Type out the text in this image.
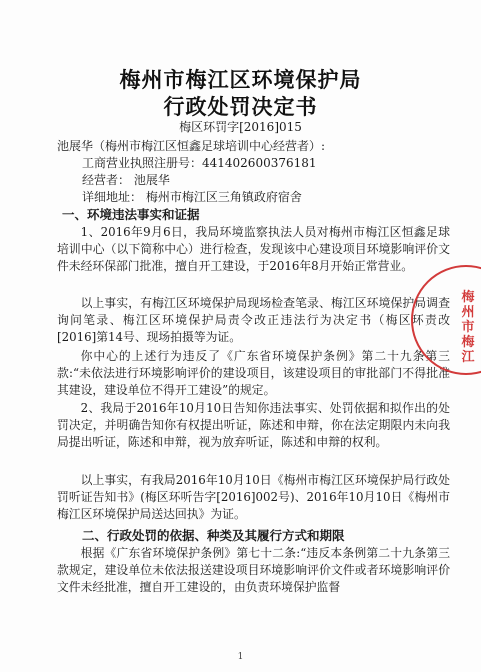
梅州市梅江区环境保护局
行政处罚决定书
梅区环罚字[2016]015
池展华（梅州市梅江区恒鑫足球培训中心经营者）:
工商营业执照注册号：441402600376181
经营者： 池展华
详细地址： 梅州市梅江区三角镇政府宿舍
一、环境违法事实和证据
1、2016年9月6日，我局环境监察执法人员对梅州市梅江区恒鑫足球培训中心（以下简称中心）进行检查，发现该中心建设项目环境影响评价文件未经环保部门批准，擅自开工建设，于2016年8月开始正常营业。
以上事实，有梅江区环境保护局现场检查笔录、梅江区环境保护局调查询问笔录、梅江区环境保护局责令改正违法行为决定书（梅区环责改[2016]第14号、现场拍摄等为证。
你中心的上述行为违反了《广东省环境保护条例》第二十九条第三款:“未依法进行环境影响评价的建设项目，该建设项目的审批部门不得批准其建设，建设单位不得开工建设”的规定。
2、我局于2016年10月10日告知你违法事实、处罚依据和拟作出的处罚决定，并明确告知你有权提出听证，陈述和申辩，你在法定期限内未向我局提出听证，陈述和申辩，视为放弃听证，陈述和申辩的权利。
以上事实，有我局2016年10月10日《梅州市梅江区环境保护局行政处罚听证告知书》(梅区环听告字[2016]002号)、2016年10月10日《梅州市梅江区环境保护局送达回执》为证。
二、行政处罚的依据、种类及其履行方式和期限
根据《广东省环境保护条例》第七十二条:“违反本条例第二十九条第三款规定，建设单位未依法报送建设项目环境影响评价文件或者环境影响评价文件未经批准，擅自开工建设的，由负责环境保护监督
梅州市梅江
1
